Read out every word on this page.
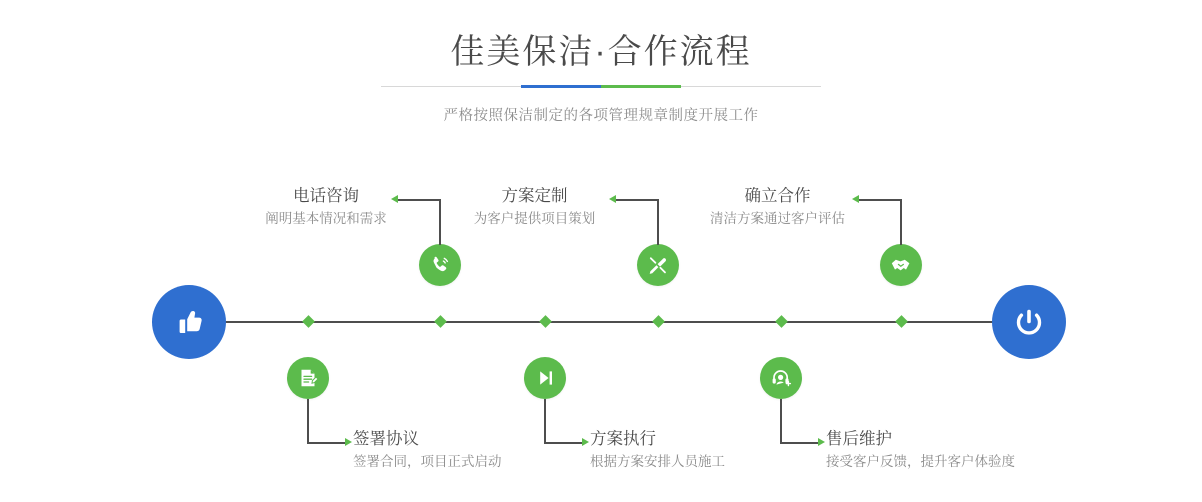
佳美保洁·合作流程
严格按照保洁制定的各项管理规章制度开展工作
电话咨询
阐明基本情况和需求
签署协议
签署合同，项目正式启动
方案定制
为客户提供项目策划
方案执行
根据方案安排人员施工
售后维护
接受客户反馈，提升客户体验度
确立合作
清洁方案通过客户评估
